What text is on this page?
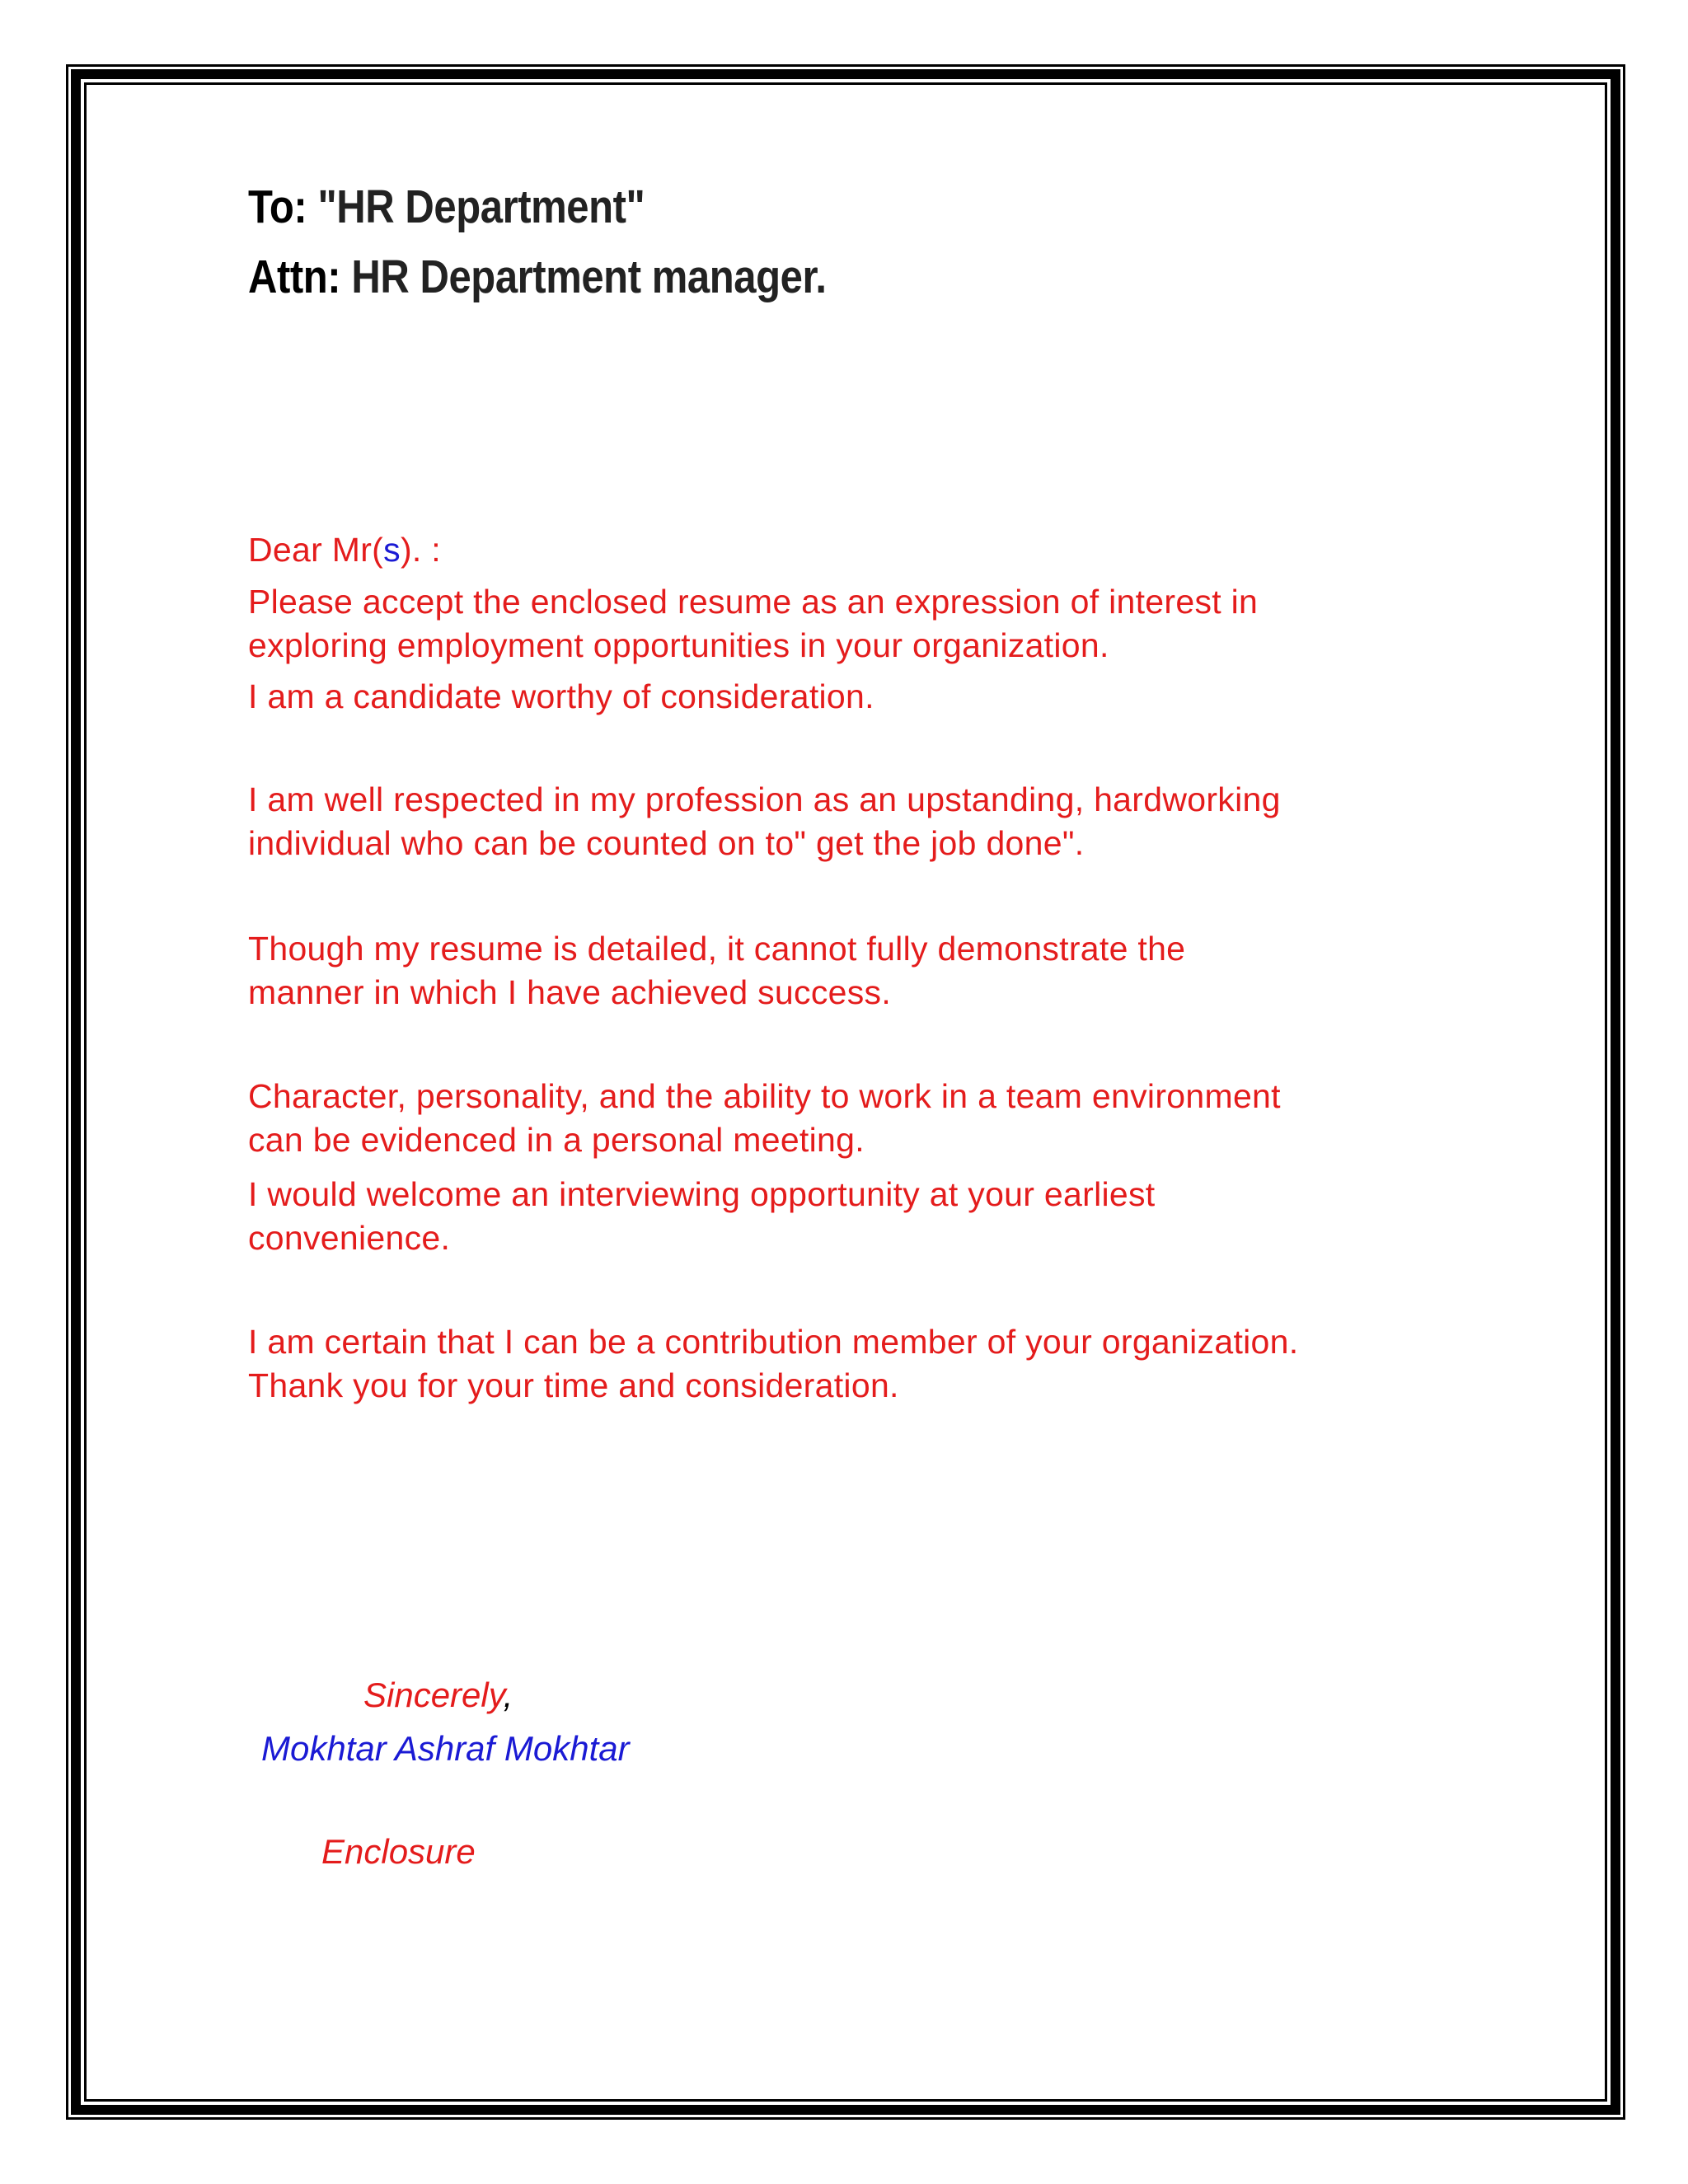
To: "HR Department"
Attn: HR Department manager.
Dear Mr(s). :
Please accept the enclosed resume as an expression of interest in
exploring employment opportunities in your organization.
I am a candidate worthy of consideration.
I am well respected in my profession as an upstanding, hardworking
individual who can be counted on to" get the job done".
Though my resume is detailed, it cannot fully demonstrate the
manner in which I have achieved success.
Character, personality, and the ability to work in a team environment
can be evidenced in a personal meeting.
I would welcome an interviewing opportunity at your earliest
convenience.
I am certain that I can be a contribution member of your organization.
Thank you for your time and consideration.
Sincerely,
Mokhtar Ashraf Mokhtar
Enclosure
